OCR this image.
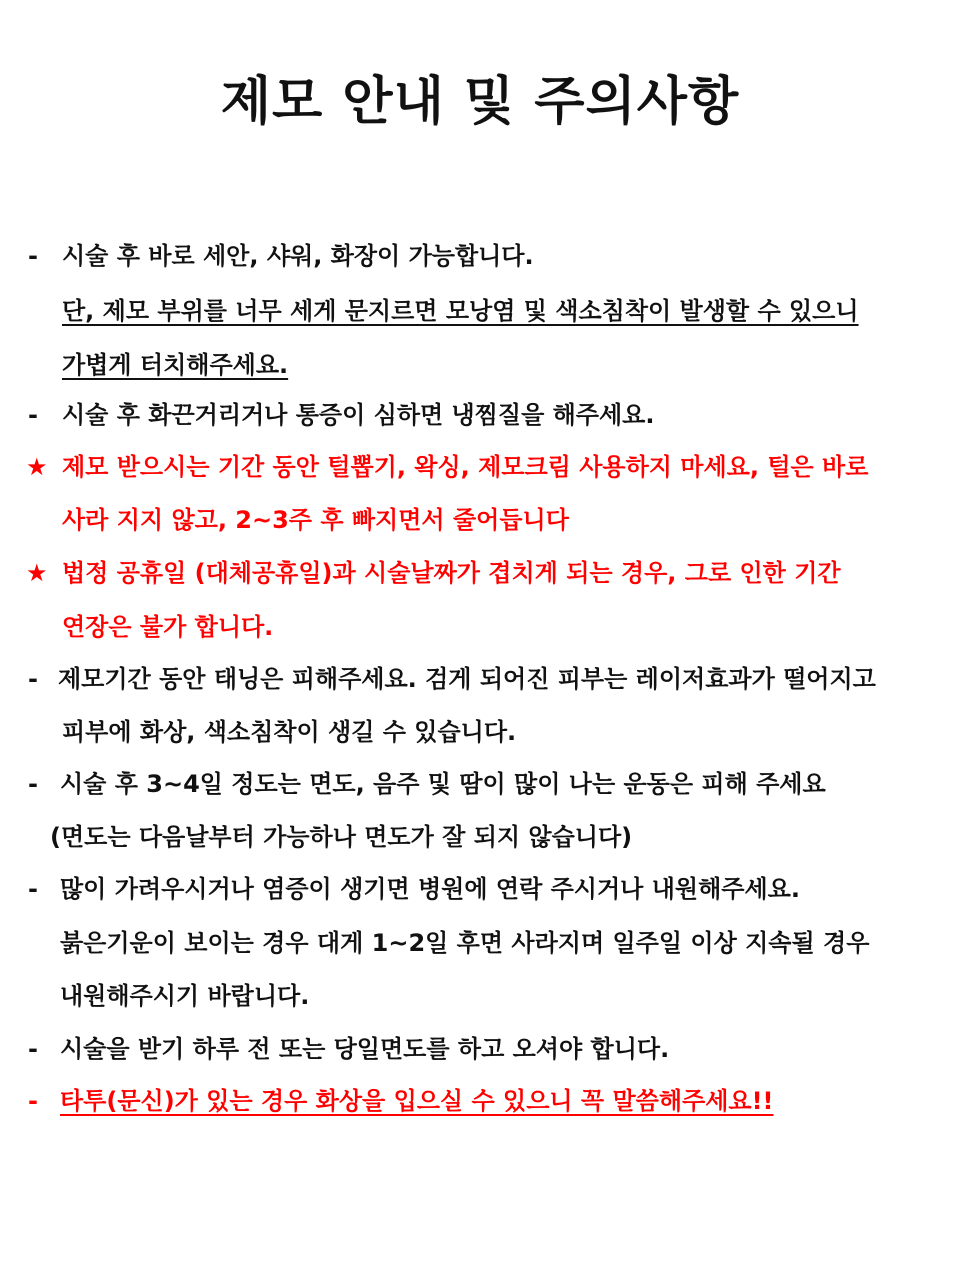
제모 안내 및 주의사항
-	시술 후 바로 세안, 샤워, 화장이 가능합니다.
단, 제모 부위를 너무 세게 문지르면 모낭염 및 색소침착이 발생할 수 있으니
가볍게 터치해주세요.
-	시술 후 화끈거리거나 통증이 심하면 냉찜질을 해주세요.
★ 제모 받으시는 기간 동안 털뽑기, 왁싱, 제모크림 사용하지 마세요, 털은 바로
사라 지지 않고, 2~3주 후 빠지면서 줄어듭니다
★ 법정 공휴일 (대체공휴일)과 시술날짜가 겹치게 되는 경우, 그로 인한 기간
연장은 불가 합니다.
- 제모기간 동안 태닝은 피해주세요. 검게 되어진 피부는 레이저효과가 떨어지고
피부에 화상, 색소침착이 생길 수 있습니다.
- 시술 후 3~4일 정도는 면도, 음주 및 땀이 많이 나는 운동은 피해 주세요
(면도는 다음날부터 가능하나 면도가 잘 되지 않습니다)
- 많이 가려우시거나 염증이 생기면 병원에 연락 주시거나 내원해주세요.
붉은기운이 보이는 경우 대게 1~2일 후면 사라지며 일주일 이상 지속될 경우
내원해주시기 바랍니다.
- 시술을 받기 하루 전 또는 당일면도를 하고 오셔야 합니다.
- 타투(문신)가 있는 경우 화상을 입으실 수 있으니 꼭 말씀해주세요!!
